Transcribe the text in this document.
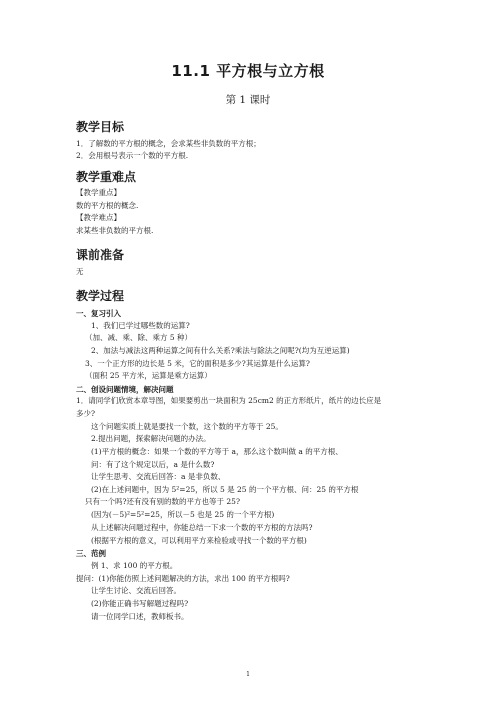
11.1 平方根与立方根
第 1 课时
教学目标
1．了解数的平方根的概念，会求某些非负数的平方根；
2．会用根号表示一个数的平方根.
教学重难点
【教学重点】
数的平方根的概念.
【教学难点】
求某些非负数的平方根.
课前准备
无
教学过程
一、复习引入
1、我们已学过哪些数的运算?
（加、减、乘、除、乘方 5 种）
2、加法与减法这两种运算之间有什么关系?乘法与除法之间呢?(均为互逆运算)
3、一个正方形的边长是 5 米，它的面积是多少?其运算是什么运算?
（面积 25 平方米，运算是乘方运算）
二、创设问题情境，解决问题
1．请同学们欣赏本章导图，如果要剪出一块面积为 25cm2 的正方形纸片，纸片的边长应是
多少?
这个问题实质上就是要找一个数，这个数的平方等于 25。
2.提出问题，探索解决问题的办法。
(1)平方根的概念：如果一个数的平方等于 a，那么这个数叫做 a 的平方根、
问：有了这个规定以后，a 是什么数?
让学生思考、交流后回答：a 是非负数、
(2)在上述问题中，因为 5²=25，所以 5 是 25 的一个平方根、问：25 的平方根
只有一个吗?还有没有别的数的平方也等于 25?
(因为(－5)²=5²=25，所以－5 也是 25 的一个平方根)
从上述解决问题过程中，你能总结一下求一个数的平方根的方法吗?
(根据平方根的意义，可以利用平方来检验或寻找一个数的平方根)
三、范例
例 1、求 100 的平方根。
提问：(1)你能仿照上述问题解决的方法，求出 100 的平方根吗?
让学生讨论、交流后回答。
(2)你能正确书写解题过程吗?
请一位同学口述，教师板书。
1
